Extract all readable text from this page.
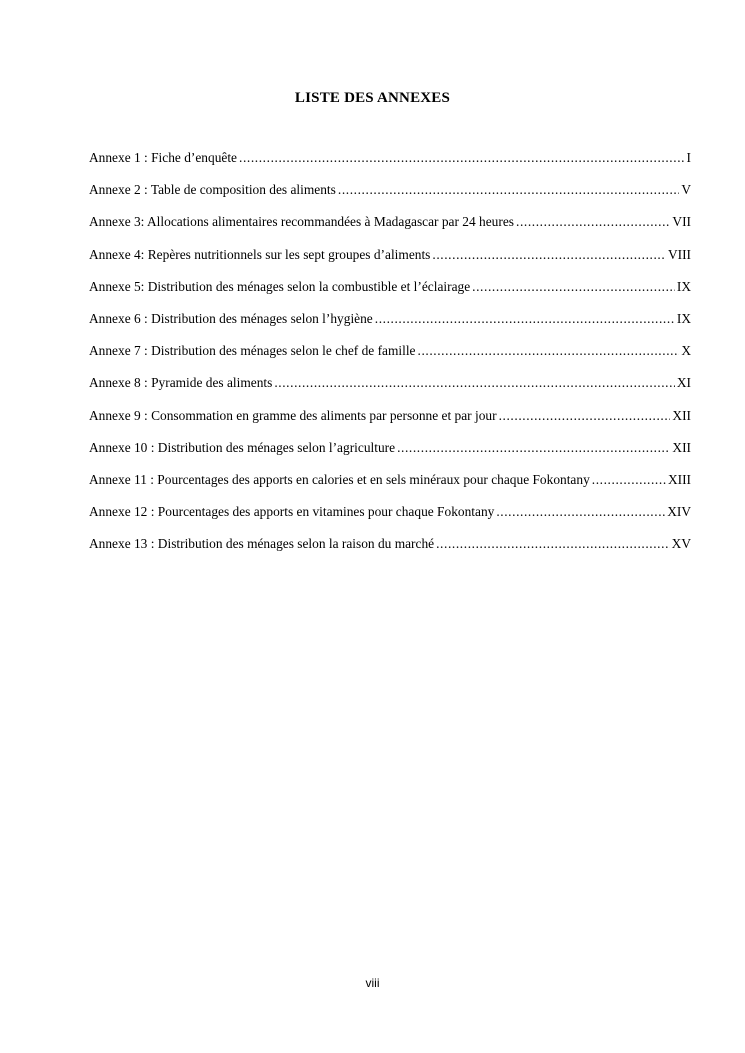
LISTE DES ANNEXES
Annexe 1 : Fiche d’enquête .....	I
Annexe 2 : Table de composition des aliments .....	V
Annexe 3: Allocations alimentaires recommandées à Madagascar par 24 heures .....	VII
Annexe 4: Repères nutritionnels sur les sept groupes d’aliments .....	VIII
Annexe 5: Distribution des ménages selon la combustible et l’éclairage .....	IX
Annexe 6 : Distribution des ménages selon l’hygiène .....	IX
Annexe 7 : Distribution des ménages selon le chef de famille .....	X
Annexe 8 : Pyramide des aliments .....	XI
Annexe 9 : Consommation en gramme des aliments par personne et par jour .....	XII
Annexe 10 : Distribution des ménages selon l’agriculture .....	XII
Annexe 11 : Pourcentages des apports en calories et en sels minéraux pour chaque Fokontany .....	XIII
Annexe 12 : Pourcentages des apports en vitamines pour chaque Fokontany .....	XIV
Annexe 13 : Distribution des ménages selon la raison du marché .....	XV
viii
